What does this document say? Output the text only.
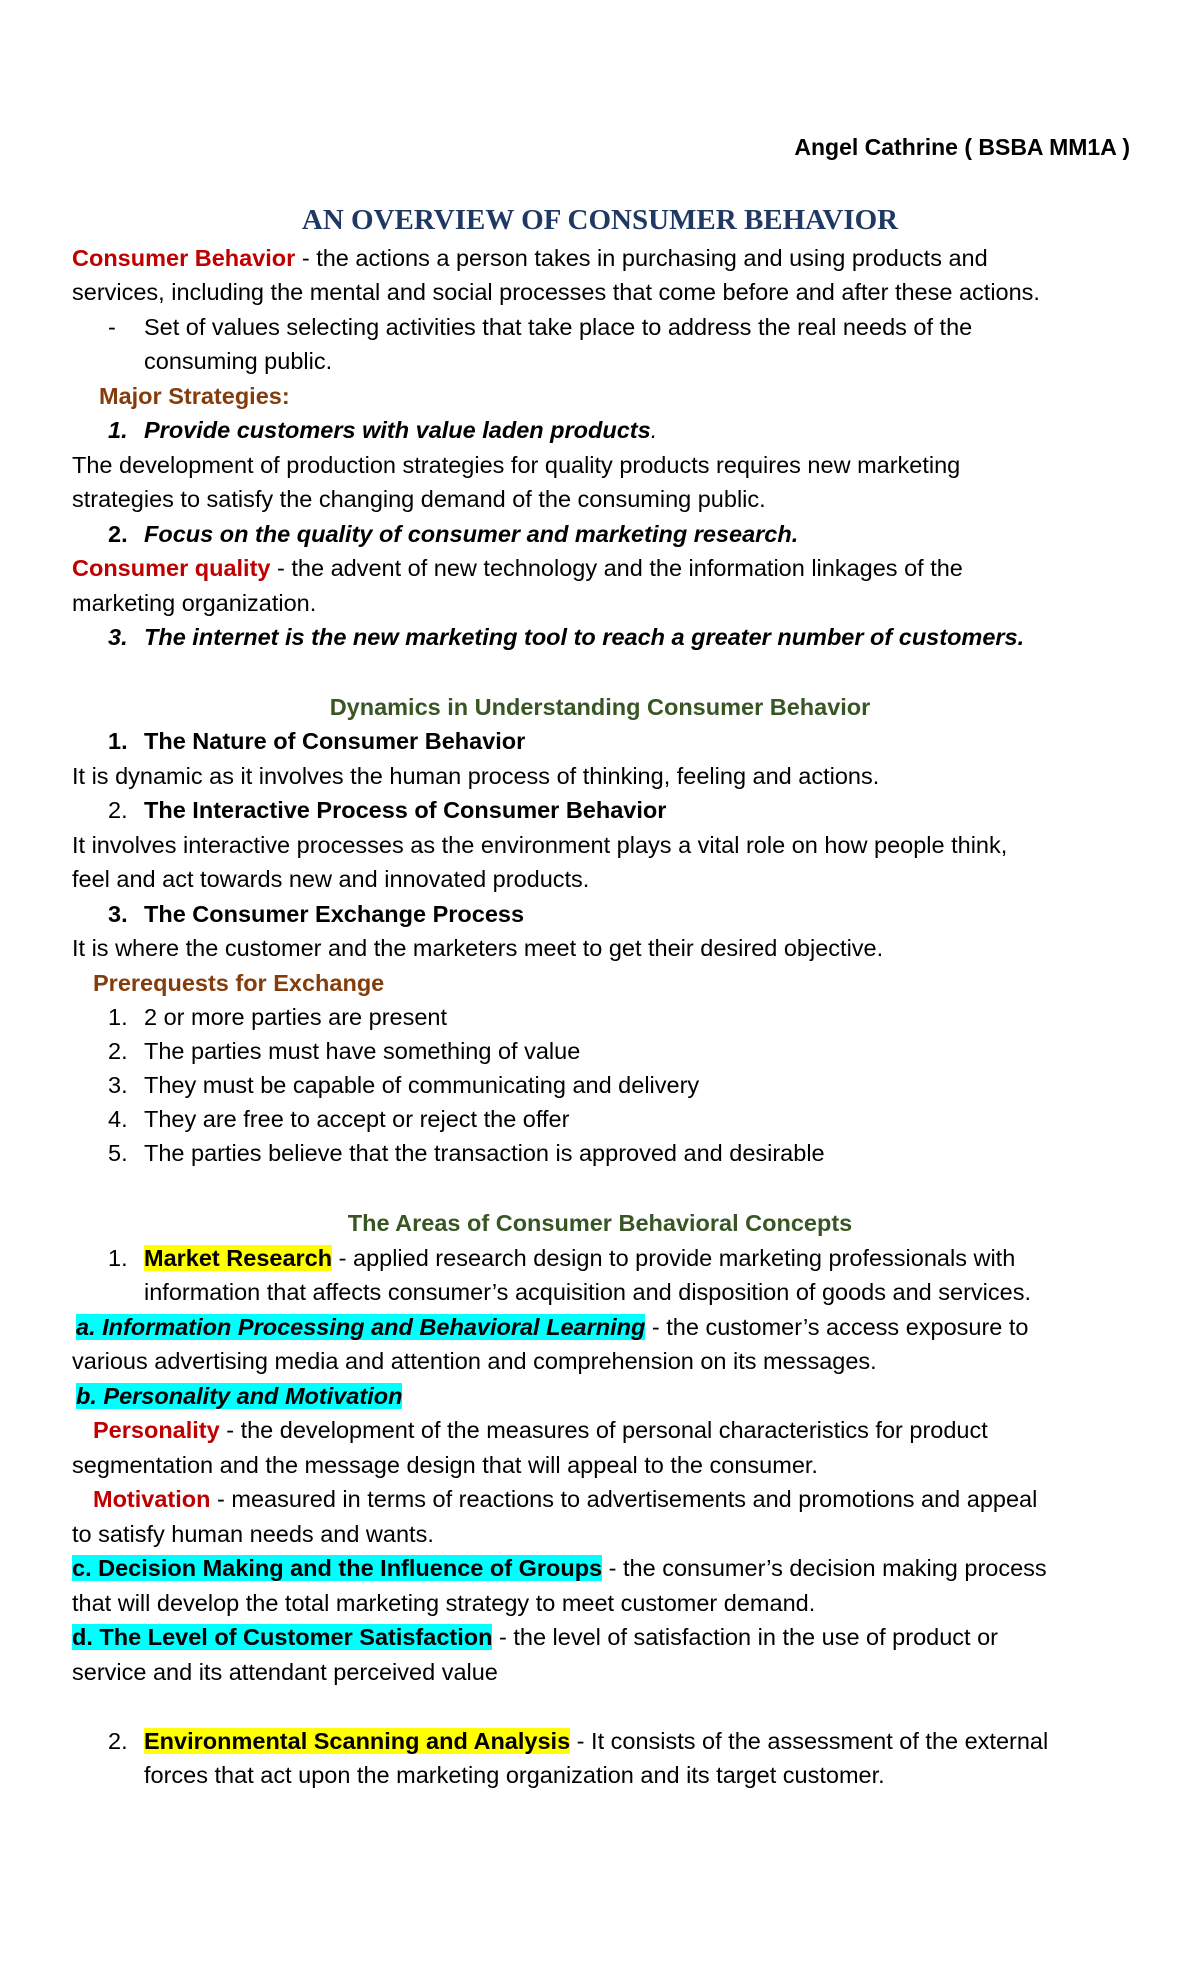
Angel Cathrine ( BSBA MM1A )
AN OVERVIEW OF CONSUMER BEHAVIOR
Consumer Behavior - the actions a person takes in purchasing and using products and
services, including the mental and social processes that come before and after these actions.
- Set of values selecting activities that take place to address the real needs of the
consuming public.
Major Strategies:
1. Provide customers with value laden products.
The development of production strategies for quality products requires new marketing
strategies to satisfy the changing demand of the consuming public.
2. Focus on the quality of consumer and marketing research.
Consumer quality - the advent of new technology and the information linkages of the
marketing organization.
3. The internet is the new marketing tool to reach a greater number of customers.
Dynamics in Understanding Consumer Behavior
1. The Nature of Consumer Behavior
It is dynamic as it involves the human process of thinking, feeling and actions.
2. The Interactive Process of Consumer Behavior
It involves interactive processes as the environment plays a vital role on how people think,
feel and act towards new and innovated products.
3. The Consumer Exchange Process
It is where the customer and the marketers meet to get their desired objective.
Prerequests for Exchange
1. 2 or more parties are present
2. The parties must have something of value
3. They must be capable of communicating and delivery
4. They are free to accept or reject the offer
5. The parties believe that the transaction is approved and desirable
The Areas of Consumer Behavioral Concepts
1. Market Research - applied research design to provide marketing professionals with
information that affects consumer’s acquisition and disposition of goods and services.
a. Information Processing and Behavioral Learning - the customer’s access exposure to
various advertising media and attention and comprehension on its messages.
b. Personality and Motivation
Personality - the development of the measures of personal characteristics for product
segmentation and the message design that will appeal to the consumer.
Motivation - measured in terms of reactions to advertisements and promotions and appeal
to satisfy human needs and wants.
c. Decision Making and the Influence of Groups - the consumer’s decision making process
that will develop the total marketing strategy to meet customer demand.
d. The Level of Customer Satisfaction - the level of satisfaction in the use of product or
service and its attendant perceived value
2. Environmental Scanning and Analysis - It consists of the assessment of the external
forces that act upon the marketing organization and its target customer.
